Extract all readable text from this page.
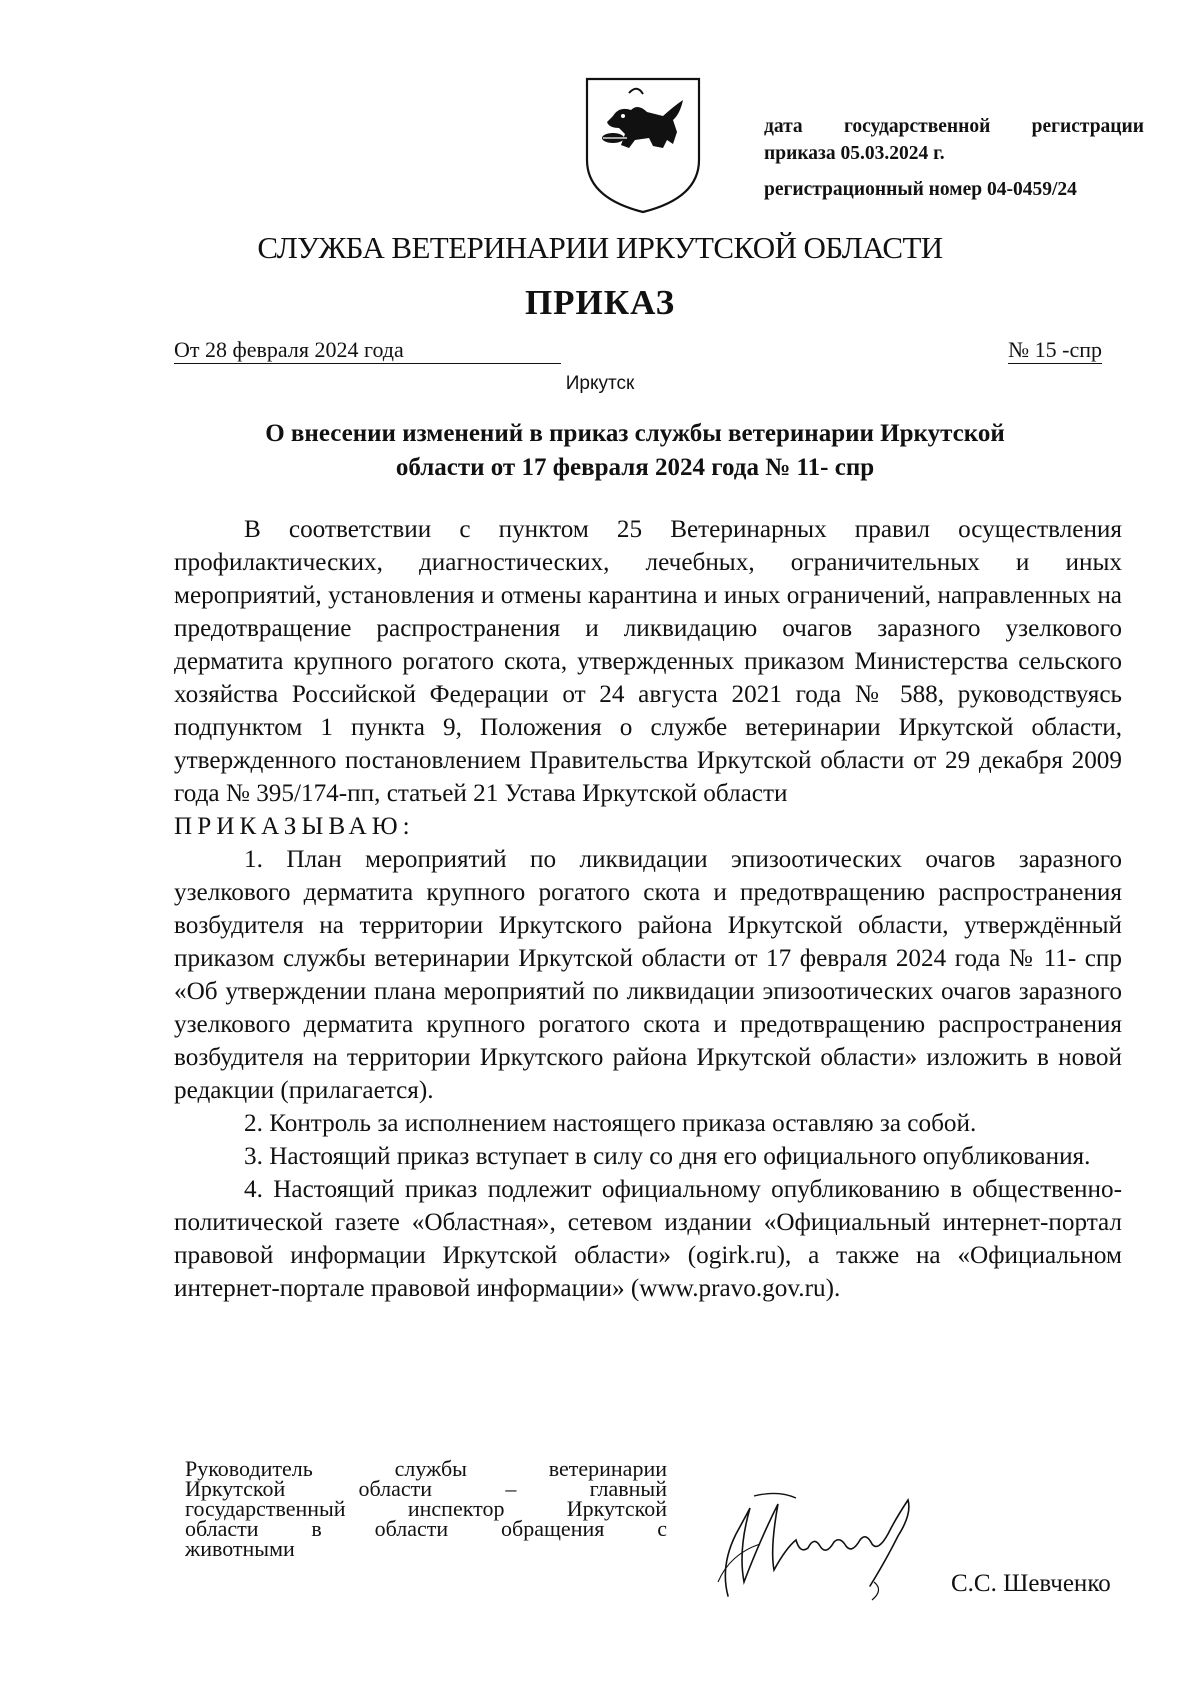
дата государственной регистрации
приказа 05.03.2024 г.
регистрационный номер 04-0459/24
СЛУЖБА ВЕТЕРИНАРИИ ИРКУТСКОЙ ОБЛАСТИ
ПРИКАЗ
От 28 февраля 2024 года	№ 15 -спр
Иркутск
О внесении изменений в приказ службы ветеринарии Иркутской
области от 17 февраля 2024 года № 11- спр

В соответствии с пунктом 25 Ветеринарных правил осуществления профилактических, диагностических, лечебных, ограничительных и иных мероприятий, установления и отмены карантина и иных ограничений, направленных на предотвращение распространения и ликвидацию очагов заразного узелкового дерматита крупного рогатого скота, утвержденных приказом Министерства сельского хозяйства Российской Федерации от 24 августа 2021 года № 588, руководствуясь подпунктом 1 пункта 9, Положения о службе ветеринарии Иркутской области, утвержденного постановлением Правительства Иркутской области от 29 декабря 2009 года № 395/174-пп, статьей 21 Устава Иркутской области

ПРИКАЗЫВАЮ:

1. План мероприятий по ликвидации эпизоотических очагов заразного узелкового дерматита крупного рогатого скота и предотвращению распространения возбудителя на территории Иркутского района Иркутской области, утверждённый приказом службы ветеринарии Иркутской области от 17 февраля 2024 года № 11- спр «Об утверждении плана мероприятий по ликвидации эпизоотических очагов заразного узелкового дерматита крупного рогатого скота и предотвращению распространения возбудителя на территории Иркутского района Иркутской области» изложить в новой редакции (прилагается).

2. Контроль за исполнением настоящего приказа оставляю за собой.

3. Настоящий приказ вступает в силу со дня его официального опубликования.

4. Настоящий приказ подлежит официальному опубликованию в общественно-политической газете «Областная», сетевом издании «Официальный интернет-портал правовой информации Иркутской области» (ogirk.ru), а также на «Официальном интернет-портале правовой информации» (www.pravo.gov.ru).

Руководитель службы ветеринарии

Иркутской области – главный

государственный инспектор Иркутской

области в области обращения с

животными

С.С. Шевченко
